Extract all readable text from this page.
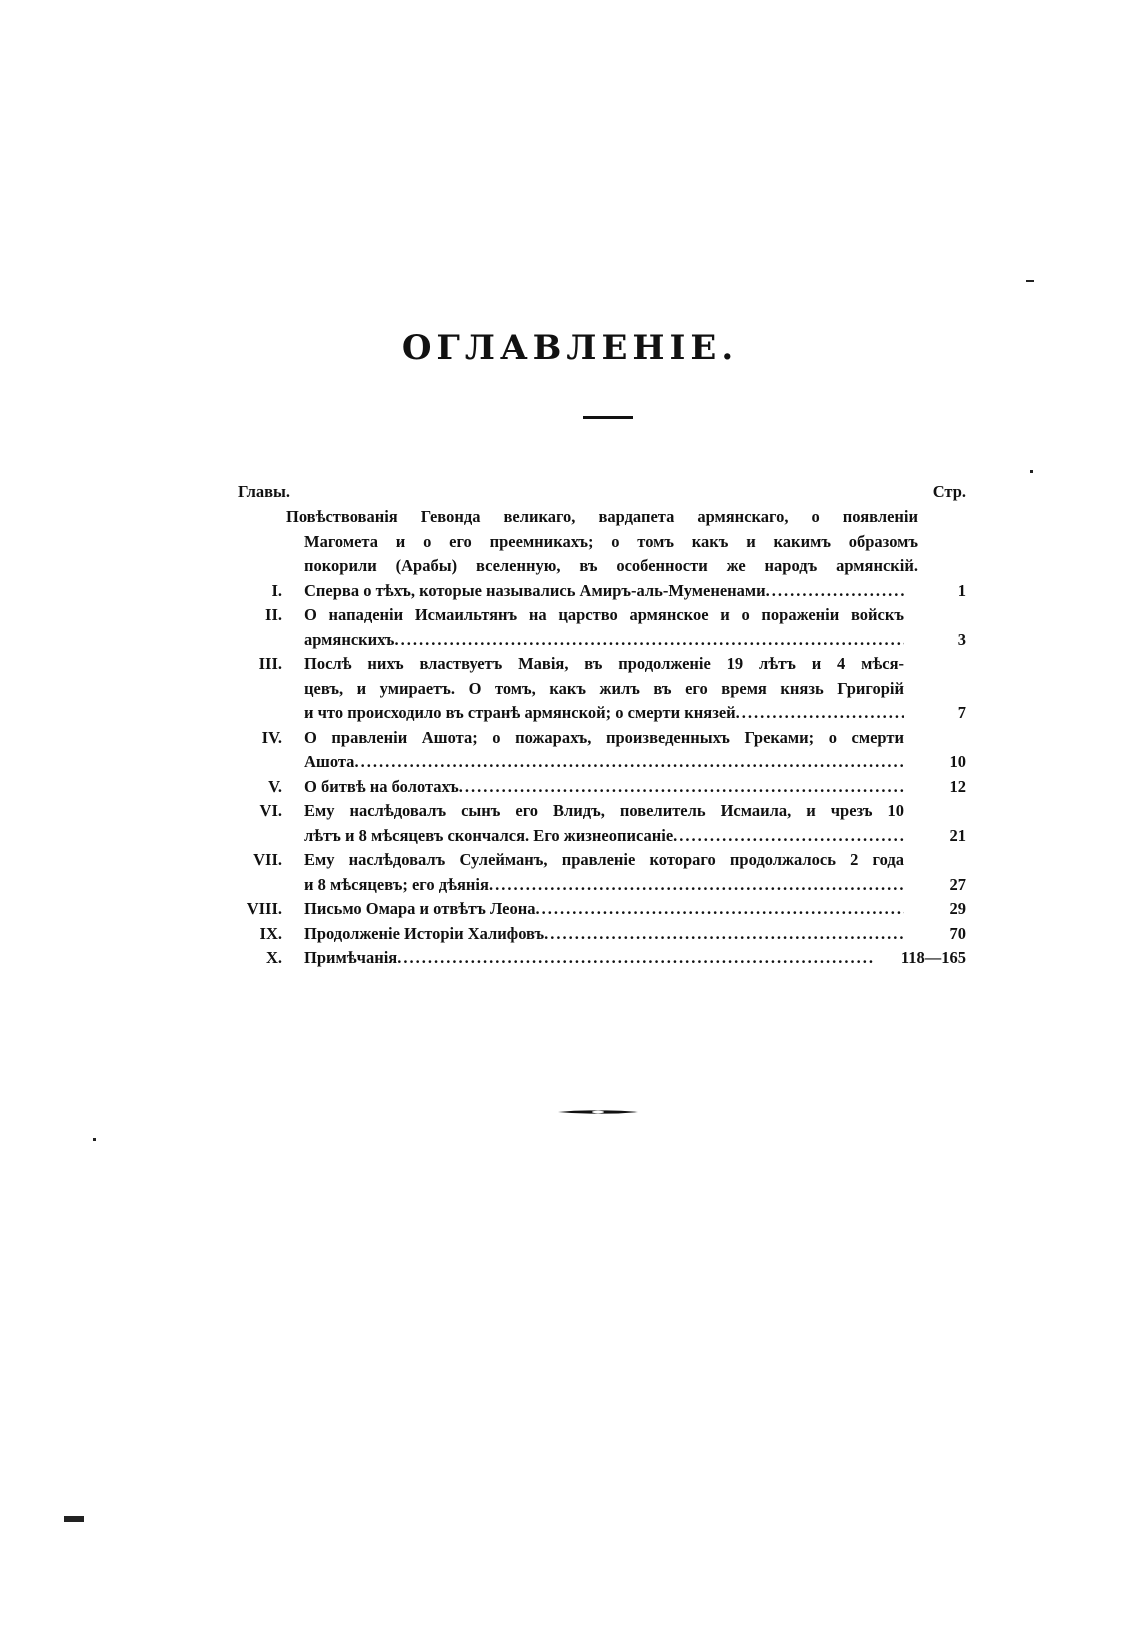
ОГЛАВЛЕНІЕ.
Главы.	Стр.
Повѣствованія Гевонда великаго, вардапета армянскаго, о появленіи
Магомета и о его преемникахъ; о томъ какъ и какимъ образомъ
покорили (Арабы) вселенную, въ особенности же народъ армянскій.
I. Сперва о тѣхъ, которые назывались Амиръ-аль-Мумененами .....	1
II. О нападеніи Исмаильтянъ на царство армянское и о пораженіи войскъ
армянскихъ .....	3
III. Послѣ нихъ властвуетъ Мавія, въ продолженіе 19 лѣтъ и 4 мѣся-
цевъ, и умираетъ. О томъ, какъ жилъ въ его время князь Григорій
и что происходило въ странѣ армянской; о смерти князей .....	7
IV. О правленіи Ашота; о пожарахъ, произведенныхъ Греками; о смерти
Ашота .....	10
V. О битвѣ на болотахъ .....	12
VI. Ему наслѣдовалъ сынъ его Влидъ, повелитель Исмаила, и чрезъ 10
лѣтъ и 8 мѣсяцевъ скончался. Его жизнеописаніе .....	21
VII. Ему наслѣдовалъ Сулейманъ, правленіе котораго продолжалось 2 года
и 8 мѣсяцевъ; его дѣянія .....	27
VIII. Письмо Омара и отвѣтъ Леона .....	29
IX. Продолженіе Исторіи Халифовъ .....	70
X. Примѣчанія .....	118—165
